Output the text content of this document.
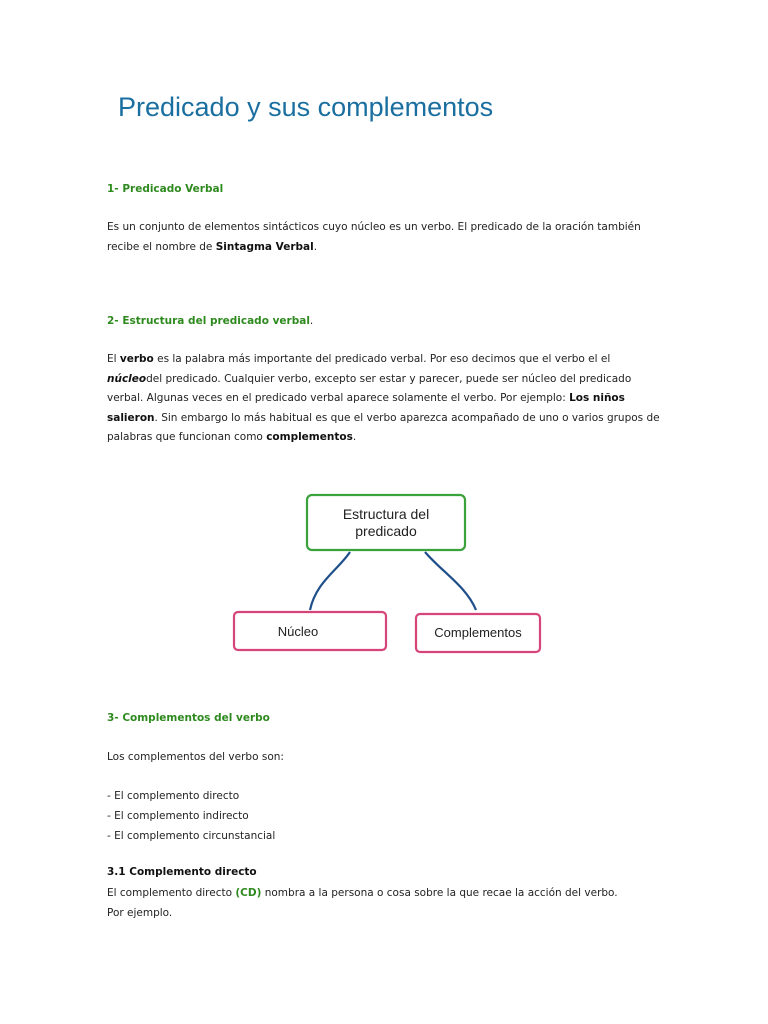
Predicado y sus complementos

1- Predicado Verbal

Es un conjunto de elementos sintácticos cuyo núcleo es un verbo. El predicado de la oración también recibe el nombre de Sintagma Verbal.

2- Estructura del predicado verbal.

El verbo es la palabra más importante del predicado verbal. Por eso decimos que el verbo el el núcleodel predicado. Cualquier verbo, excepto ser estar y parecer, puede ser núcleo del predicado verbal. Algunas veces en el predicado verbal aparece solamente el verbo. Por ejemplo: Los niños salieron. Sin embargo lo más habitual es que el verbo aparezca acompañado de uno o varios grupos de palabras que funcionan como complementos.

Estructura del
predicado
Núcleo	Complementos

3- Complementos del verbo

Los complementos del verbo son:

- El complemento directo
- El complemento indirecto
- El complemento circunstancial

3.1 Complemento directo

El complemento directo (CD) nombra a la persona o cosa sobre la que recae la acción del verbo.
Por ejemplo.
